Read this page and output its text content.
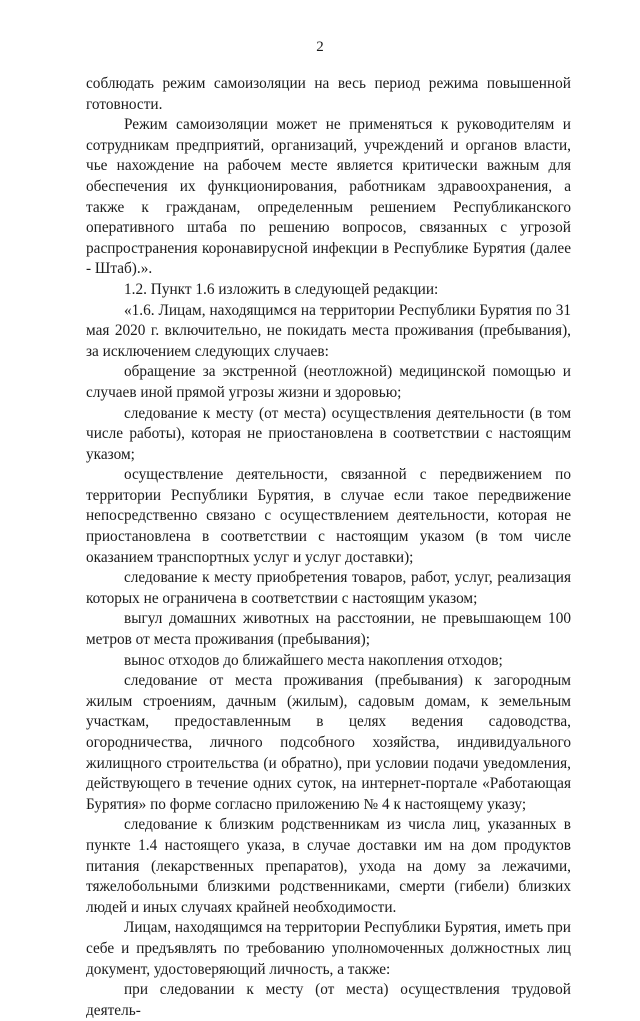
2

соблюдать режим самоизоляции на весь период режима повышенной готовности.

Режим самоизоляции может не применяться к руководителям и сотрудникам предприятий, организаций, учреждений и органов власти, чье нахождение на рабочем месте является критически важным для обеспечения их функционирования, работникам здравоохранения, а также к гражданам, определенным решением Республиканского оперативного штаба по решению вопросов, связанных с угрозой распространения коронавирусной инфекции в Республике Бурятия (далее - Штаб).».

1.2. Пункт 1.6 изложить в следующей редакции:

«1.6. Лицам, находящимся на территории Республики Бурятия по 31 мая 2020 г. включительно, не покидать места проживания (пребывания), за исключением следующих случаев:

обращение за экстренной (неотложной) медицинской помощью и случаев иной прямой угрозы жизни и здоровью;

следование к месту (от места) осуществления деятельности (в том числе работы), которая не приостановлена в соответствии с настоящим указом;

осуществление деятельности, связанной с передвижением по территории Республики Бурятия, в случае если такое передвижение непосредственно связано с осуществлением деятельности, которая не приостановлена в соответствии с настоящим указом (в том числе оказанием транспортных услуг и услуг доставки);

следование к месту приобретения товаров, работ, услуг, реализация которых не ограничена в соответствии с настоящим указом;

выгул домашних животных на расстоянии, не превышающем 100 метров от места проживания (пребывания);

вынос отходов до ближайшего места накопления отходов;

следование от места проживания (пребывания) к загородным жилым строениям, дачным (жилым), садовым домам, к земельным участкам, предоставленным в целях ведения садоводства, огородничества, личного подсобного хозяйства, индивидуального жилищного строительства (и обратно), при условии подачи уведомления, действующего в течение одних суток, на интернет-портале «Работающая Бурятия» по форме согласно приложению № 4 к настоящему указу;

следование к близким родственникам из числа лиц, указанных в пункте 1.4 настоящего указа, в случае доставки им на дом продуктов питания (лекарственных препаратов), ухода на дому за лежачими, тяжелобольными близкими родственниками, смерти (гибели) близких людей и иных случаях крайней необходимости.

Лицам, находящимся на территории Республики Бурятия, иметь при себе и предъявлять по требованию уполномоченных должностных лиц документ, удостоверяющий личность, а также:

при следовании к месту (от места) осуществления трудовой деятель-
